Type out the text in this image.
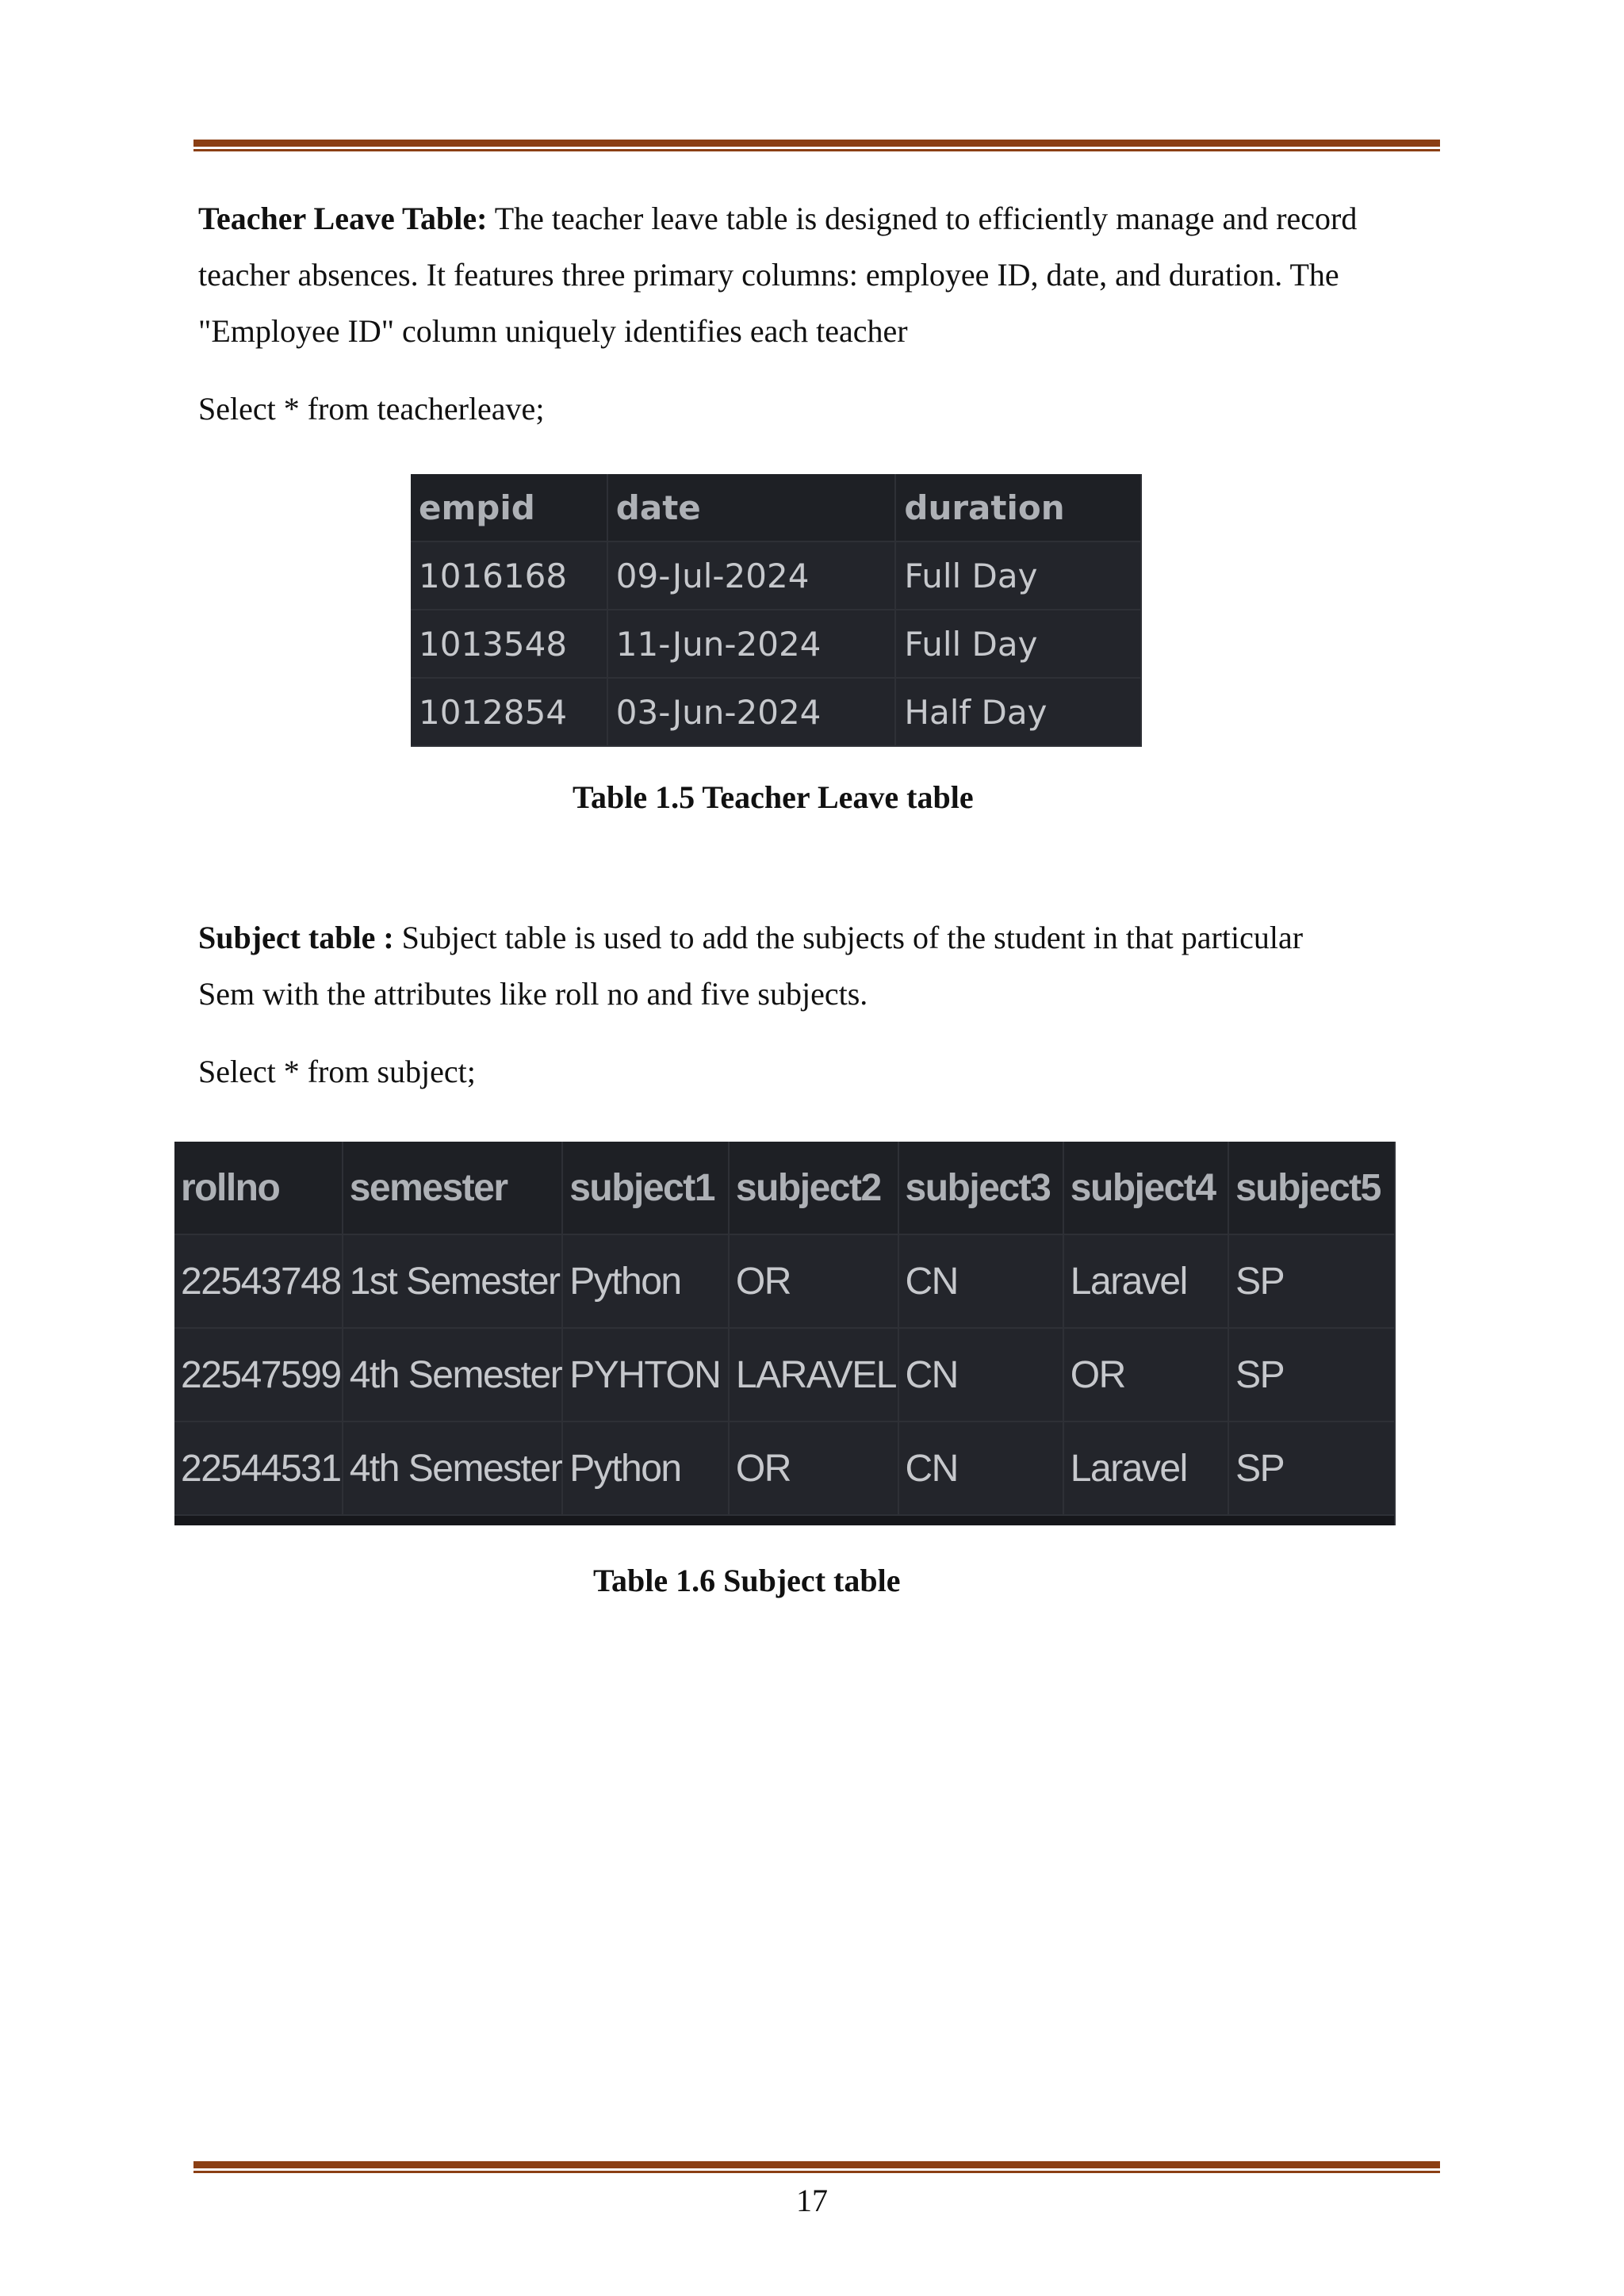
Teacher Leave Table: The teacher leave table is designed to efficiently manage and record
teacher absences. It features three primary columns: employee ID, date, and duration. The
"Employee ID" column uniquely identifies each teacher

Select * from teacherleave;

empid	date	duration
1016168	09-Jul-2024	Full Day
1013548	11-Jun-2024	Full Day
1012854	03-Jun-2024	Half Day

Table 1.5 Teacher Leave table

Subject table : Subject table is used to add the subjects of the student in that particular
Sem with the attributes like roll no and five subjects.

Select * from subject;

rollno	semester	subject1	subject2	subject3	subject4	subject5
22543748	1st Semester	Python	OR	CN	Laravel	SP
22547599	4th Semester	PYHTON	LARAVEL	CN	OR	SP
22544531	4th Semester	Python	OR	CN	Laravel	SP

Table 1.6 Subject table

17
